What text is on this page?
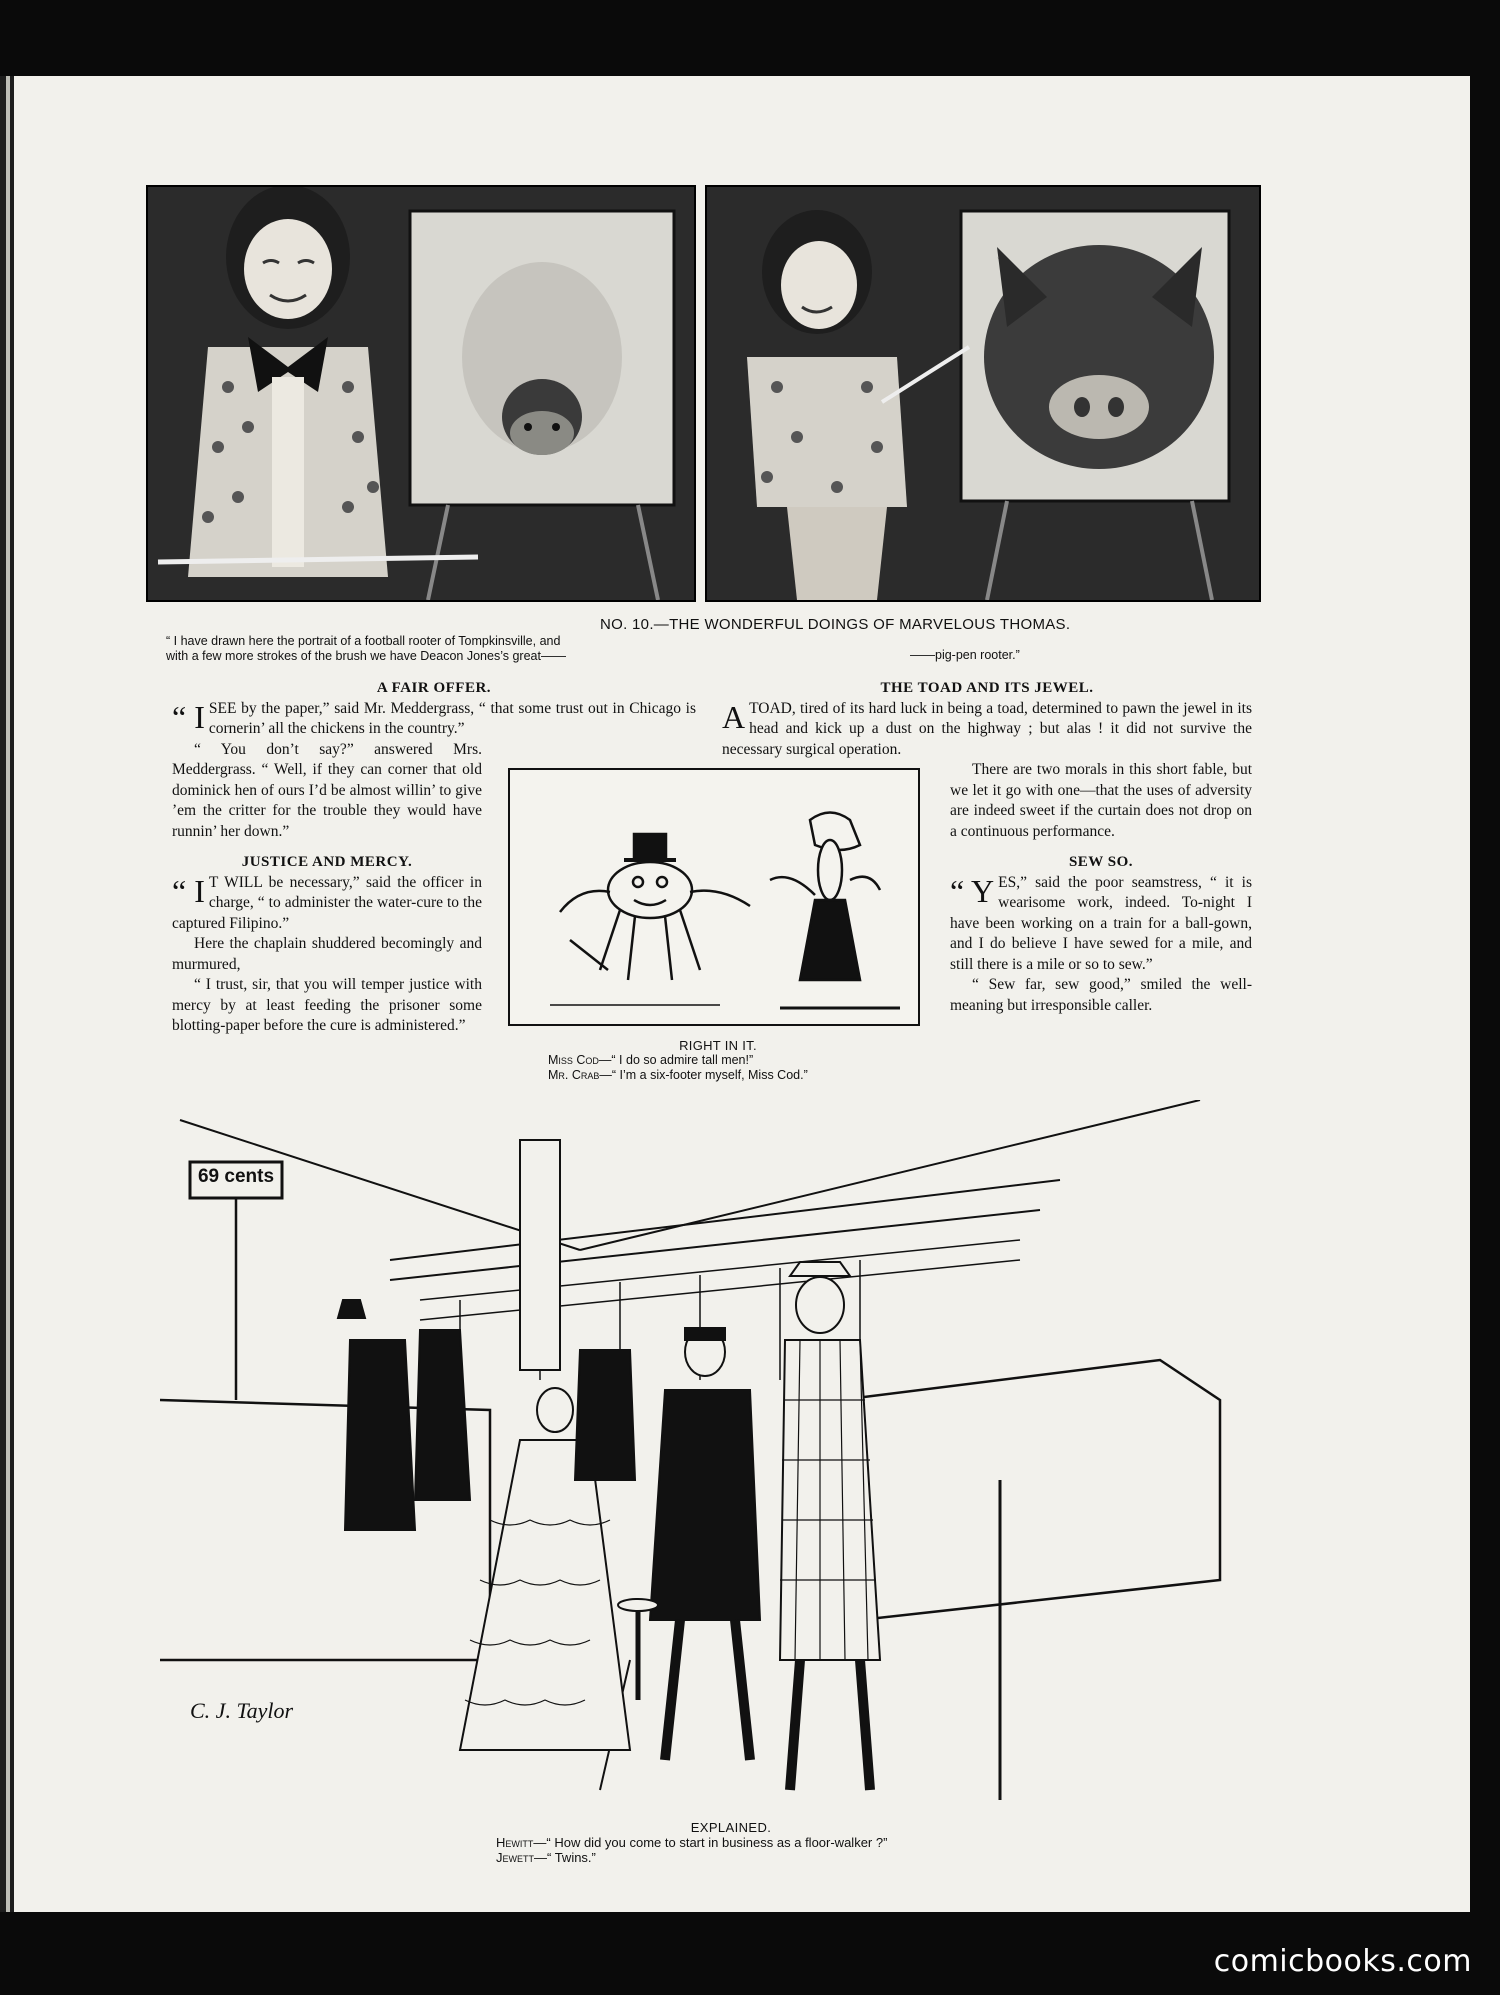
NO. 10.—THE WONDERFUL DOINGS OF MARVELOUS THOMAS.
“ I have drawn here the portrait of a football rooter of Tompkinsville, and
with a few more strokes of the brush we have Deacon Jones’s great——	——pig-pen rooter.”
A FAIR OFFER.

“ I SEE by the paper,” said Mr. Meddergrass, “ that some trust out in Chicago is cornerin’ all the chickens in the country.”

“ You don’t say?” answered Mrs. Meddergrass. “ Well, if they can corner that old dominick hen of ours I’d be almost willin’ to give ’em the critter for the trouble they would have runnin’ her down.”

JUSTICE AND MERCY.

“ I T WILL be necessary,” said the officer in charge, “ to administer the water-cure to the captured Filipino.”

Here the chaplain shuddered becomingly and murmured,

“ I trust, sir, that you will temper justice with mercy by at least feeding the prisoner some blotting-paper before the cure is administered.”

THE TOAD AND ITS JEWEL.

ATOAD, tired of its hard luck in being a toad, determined to pawn the jewel in its head and kick up a dust on the highway ; but alas ! it did not survive the necessary surgical operation.

There are two morals in this short fable, but we let it go with one—that the uses of adversity are indeed sweet if the curtain does not drop on a continuous performance.

SEW SO.

“ Y ES,” said the poor seamstress, “ it is wearisome work, indeed. To-night I have been working on a train for a ball-gown, and I do believe I have sewed for a mile, and still there is a mile or so to sew.”

“ Sew far, sew good,” smiled the well-meaning but irresponsible caller.

RIGHT IN IT.
Miss Cod—“ I do so admire tall men!”
Mr. Crab—“ I’m a six-footer myself, Miss Cod.”
69 cents
C. J. Taylor
EXPLAINED.
Hewitt—“ How did you come to start in business as a floor-walker ?”
Jewett—“ Twins.”
comicbooks.com
